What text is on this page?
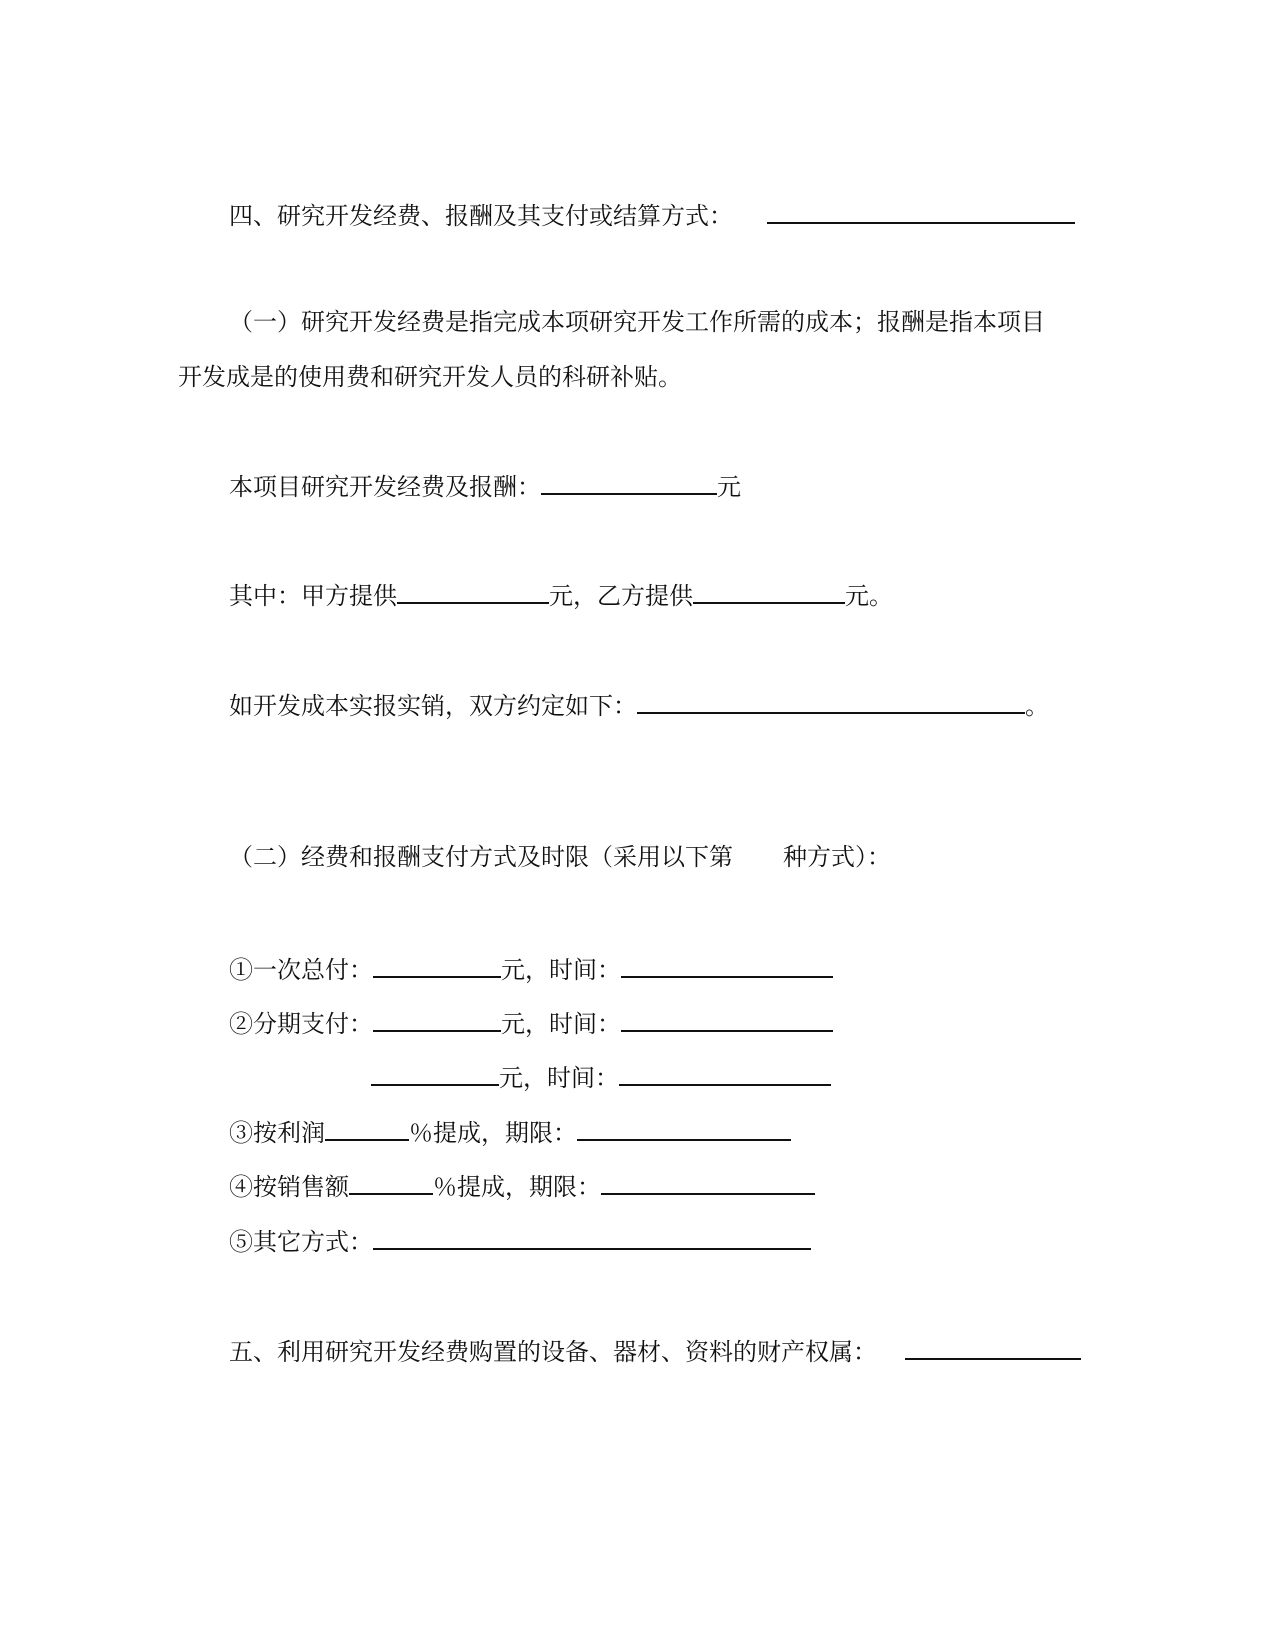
四、研究开发经费、报酬及其支付或结算方式：
（一）研究开发经费是指完成本项研究开发工作所需的成本；报酬是指本项目
开发成是的使用费和研究开发人员的科研补贴。
本项目研究开发经费及报酬：	元
其中：甲方提供	元，乙方提供	元。
如开发成本实报实销，双方约定如下：	。
（二）经费和报酬支付方式及时限（采用以下第 种方式）：
①一次总付：	元，时间：
②分期支付：	元，时间：
元，时间：
③按利润	％提成，期限：
④按销售额	％提成，期限：
⑤其它方式：
五、利用研究开发经费购置的设备、器材、资料的财产权属：
